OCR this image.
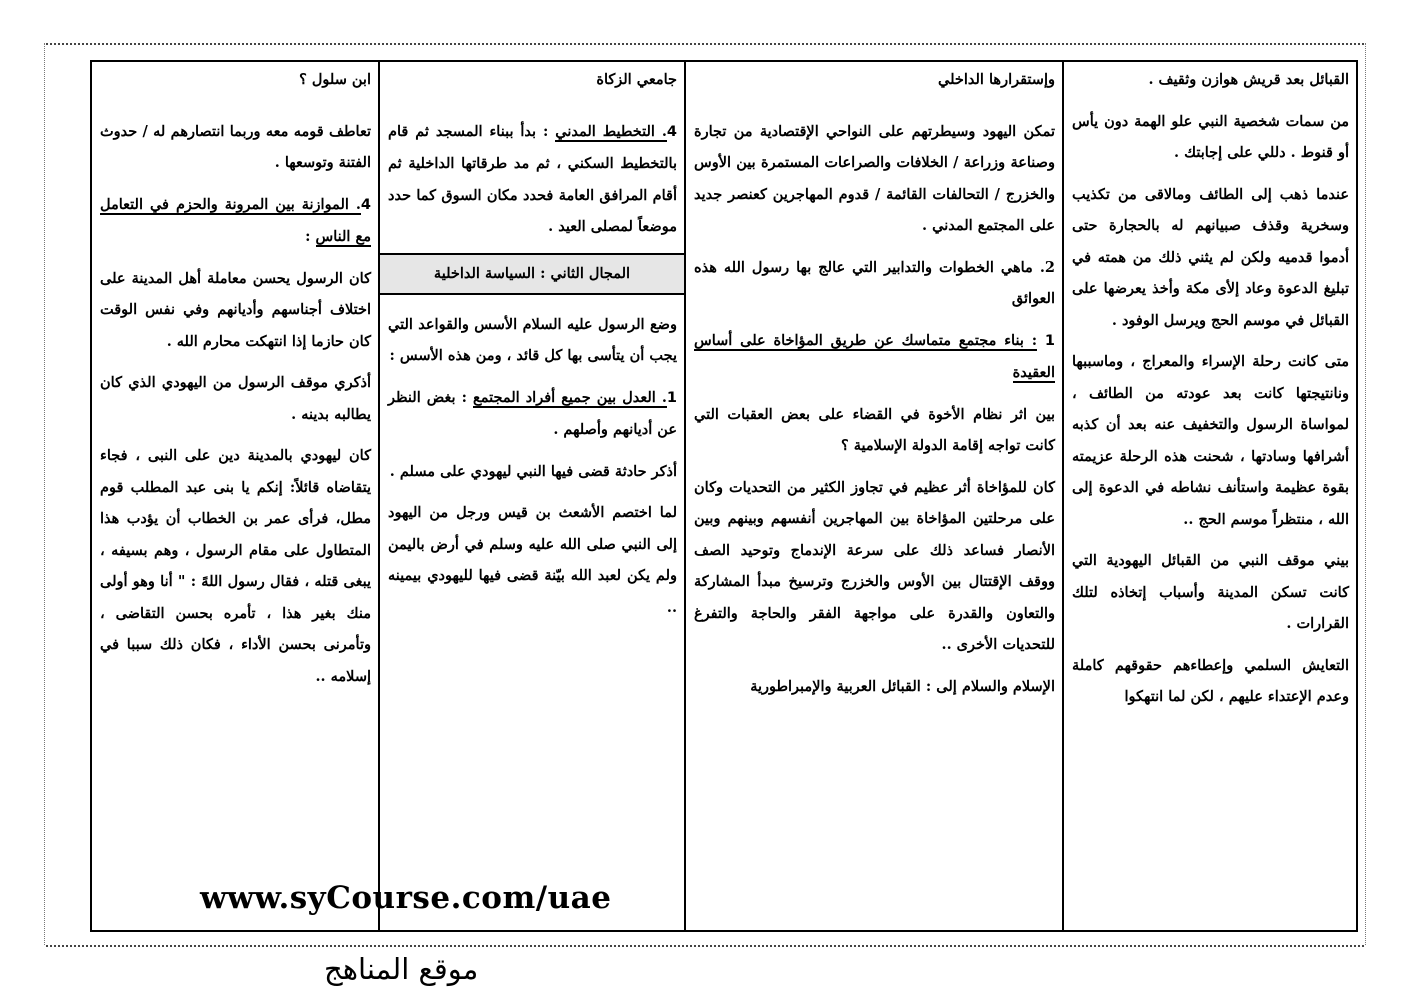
القبائل بعد قريش هوازن وثقيف .

من سمات شخصية النبي علو الهمة دون يأس أو قنوط . دللي على إجابتك .

عندما ذهب إلى الطائف ومالاقى من تكذيب وسخرية وقذف صبيانهم له بالحجارة حتى أدموا قدميه ولكن لم يثني ذلك من همته في تبليغ الدعوة وعاد إلأى مكة وأخذ يعرضها على القبائل في موسم الحج ويرسل الوفود .

متى كانت رحلة الإسراء والمعراج ، وماسببها ونانتيجتها كانت بعد عودته من الطائف ، لمواساة الرسول والتخفيف عنه بعد أن كذبه أشرافها وسادتها ، شحنت هذه الرحلة عزيمته بقوة عظيمة واستأنف نشاطه في الدعوة إلى الله ، منتظراً موسم الحج ..

بيني موقف النبي من القبائل اليهودية التي كانت تسكن المدينة وأسباب إتخاذه لتلك القرارات .

التعايش السلمي وإعطاءهم حقوقهم كاملة وعدم الإعتداء عليهم ، لكن لما انتهكوا

وإستقرارها الداخلي

تمكن اليهود وسيطرتهم على النواحي الإقتصادية من تجارة وصناعة وزراعة / الخلافات والصراعات المستمرة بين الأوس والخزرج / التحالفات القائمة / قدوم المهاجرين كعنصر جديد على المجتمع المدني .

2. ماهي الخطوات والتدابير التي عالج بها رسول الله هذه العوائق

1 : بناء مجتمع متماسك عن طريق المؤاخاة على أساس العقيدة

بين اثر نظام الأخوة في القضاء على بعض العقبات التي كانت تواجه إقامة الدولة الإسلامية ؟

كان للمؤاخاة أثر عظيم في تجاوز الكثير من التحديات وكان على مرحلتين المؤاخاة بين المهاجرين أنفسهم وبينهم وبين الأنصار فساعد ذلك على سرعة الإندماج وتوحيد الصف ووقف الإقتتال بين الأوس والخزرج وترسيخ مبدأ المشاركة والتعاون والقدرة على مواجهة الفقر والحاجة والتفرغ للتحديات الأخرى ..

الإسلام والسلام إلى : القبائل العربية والإمبراطورية

جامعي الزكاة

4. التخطيط المدني : بدأ ببناء المسجد ثم قام بالتخطيط السكني ، ثم مد طرقاتها الداخلية ثم أقام المرافق العامة فحدد مكان السوق كما حدد موضعاً لمصلى العيد .

المجال الثاني : السياسة الداخلية

وضع الرسول عليه السلام الأسس والقواعد التي يجب أن يتأسى بها كل قائد ، ومن هذه الأسس :

1. العدل بين جميع أفراد المجتمع : بغض النظر عن أديانهم وأصلهم .

أذكر حادثة قضى فيها النبي ليهودي على مسلم .

لما اختصم الأشعث بن قيس ورجل من اليهود إلى النبي صلى الله عليه وسلم في أرض باليمن ولم يكن لعبد الله بيّنة قضى فيها لليهودي بيمينه ..

ابن سلول ؟

تعاطف قومه معه وربما انتصارهم له / حدوث الفتنة وتوسعها .

4. الموازنة بين المرونة والحزم في التعامل مع الناس :

كان الرسول يحسن معاملة أهل المدينة على اختلاف أجناسهم وأديانهم وفي نفس الوقت كان حازما إذا انتهكت محارم الله .

أذكري موقف الرسول من اليهودي الذي كان يطالبه بدينه .

كان ليهودي بالمدينة دين على النبى ، فجاء يتقاضاه قائلاً: إنكم يا بنى عبد المطلب قوم مطل، فرأى عمر بن الخطاب أن يؤدب هذا المتطاول على مقام الرسول ، وهم بسيفه ، يبغى قتله ، فقال رسول اللهً : " أنا وهو أولى منك بغير هذا ، تأمره بحسن التقاضى ، وتأمرنى بحسن الأداء ، فكان ذلك سببا في إسلامه ..

www.syCourse.com/uae
موقع المناهج
